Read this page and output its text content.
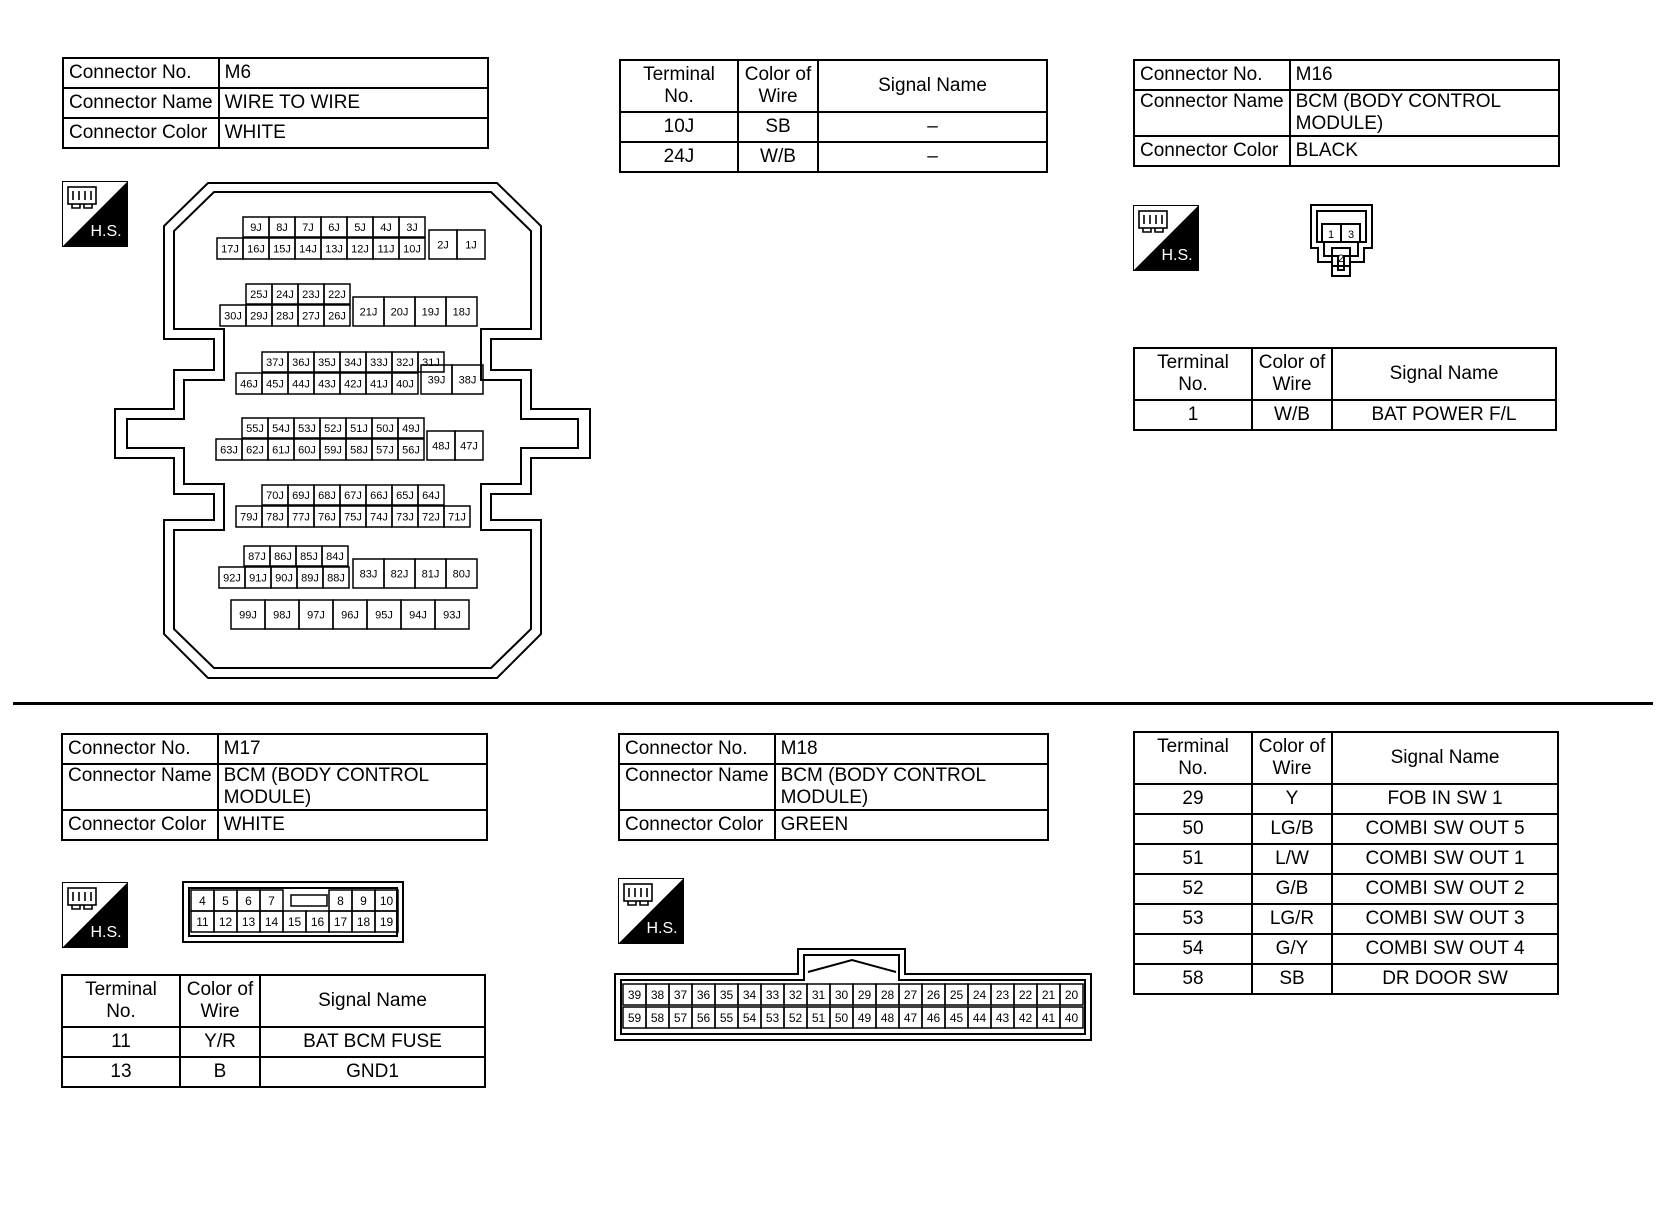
Connector No.	M6
Connector Name	WIRE TO WIRE
Connector Color	WHITE
Terminal No.	Color of Wire	Signal Name
10J	SB	–
24J	W/B	–
Connector No.	M16
Connector Name	BCM (BODY CONTROL MODULE)
Connector Color	BLACK
Terminal No.	Color of Wire	Signal Name
1	W/B	BAT POWER F/L
Connector No.	M17
Connector Name	BCM (BODY CONTROL MODULE)
Connector Color	WHITE
Terminal No.	Color of Wire	Signal Name
11	Y/R	BAT BCM FUSE
13	B	GND1
Connector No.	M18
Connector Name	BCM (BODY CONTROL MODULE)
Connector Color	GREEN
Terminal No.	Color of Wire	Signal Name
29	Y	FOB IN SW 1
50	LG/B	COMBI SW OUT 5
51	L/W	COMBI SW OUT 1
52	G/B	COMBI SW OUT 2
53	LG/R	COMBI SW OUT 3
54	G/Y	COMBI SW OUT 4
58	SB	DR DOOR SW
H.S.
H.S.
H.S.	H.S.
9J 8J 7J 6J 5J 4J 3J
17J 16J 15J 14J 13J 12J 11J 10J 2J 1J
25J 24J 23J 22J
30J 29J 28J 27J 26J 21J 20J 19J 18J
37J 36J 35J 34J 33J 32J 31J
46J 45J 44J 43J 42J 41J 40J 39J 38J
55J 54J 53J 52J 51J 50J 49J
63J 62J 61J 60J 59J 58J 57J 56J 48J 47J
70J 69J 68J 67J 66J 65J 64J
79J 78J 77J 76J 75J 74J 73J 72J 71J
87J 86J 85J 84J
92J 91J 90J 89J 88J 83J 82J 81J 80J
99J 98J 97J 96J 95J 94J 93J
1 3
2
4 5 6 7	8 9 10
11 12 13 14 15 16 17 18 19
39 38 37 36 35 34 33 32 31 30 29 28 27 26 25 24 23 22 21 20
59 58 57 56 55 54 53 52 51 50 49 48 47 46 45 44 43 42 41 40
